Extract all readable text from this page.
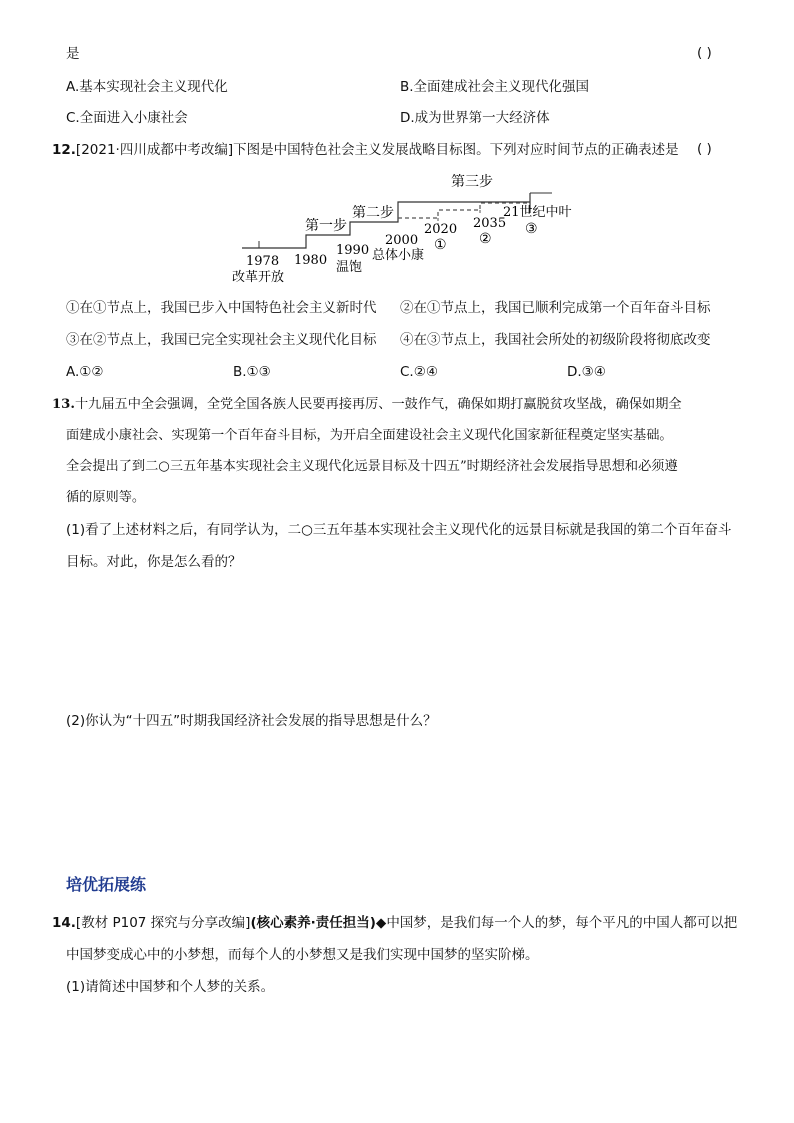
是	( )
A.基本实现社会主义现代化	B.全面建成社会主义现代化强国
C.全面进入小康社会	D.成为世界第一大经济体
12.[2021·四川成都中考改编]下图是中国特色社会主义发展战略目标图。下列对应时间节点的正确表述是 ( )
第一步
第二步
第三步
1978 1980
1990
2000
2020 2035
21世纪中叶
改革开放
温饱
总体小康
① ②
③
①在①节点上，我国已步入中国特色社会主义新时代 ②在①节点上，我国已顺利完成第一个百年奋斗目标
③在②节点上，我国已完全实现社会主义现代化目标 ④在③节点上，我国社会所处的初级阶段将彻底改变
A.①②	B.①③	C.②④	D.③④
13.十九届五中全会强调，全党全国各族人民要再接再厉、一鼓作气，确保如期打赢脱贫攻坚战，确保如期全
面建成小康社会、实现第一个百年奋斗目标，为开启全面建设社会主义现代化国家新征程奠定坚实基础。
全会提出了到二○三五年基本实现社会主义现代化远景目标及十四五”时期经济社会发展指导思想和必须遵
循的原则等。
(1)看了上述材料之后，有同学认为，二○三五年基本实现社会主义现代化的远景目标就是我国的第二个百年奋斗
目标。对此，你是怎么看的？
(2)你认为“十四五”时期我国经济社会发展的指导思想是什么？
培优拓展练
14.[教材 P107 探究与分享改编](核心素养·责任担当)◆中国梦，是我们每一个人的梦，每个平凡的中国人都可以把
中国梦变成心中的小梦想，而每个人的小梦想又是我们实现中国梦的坚实阶梯。
(1)请简述中国梦和个人梦的关系。
